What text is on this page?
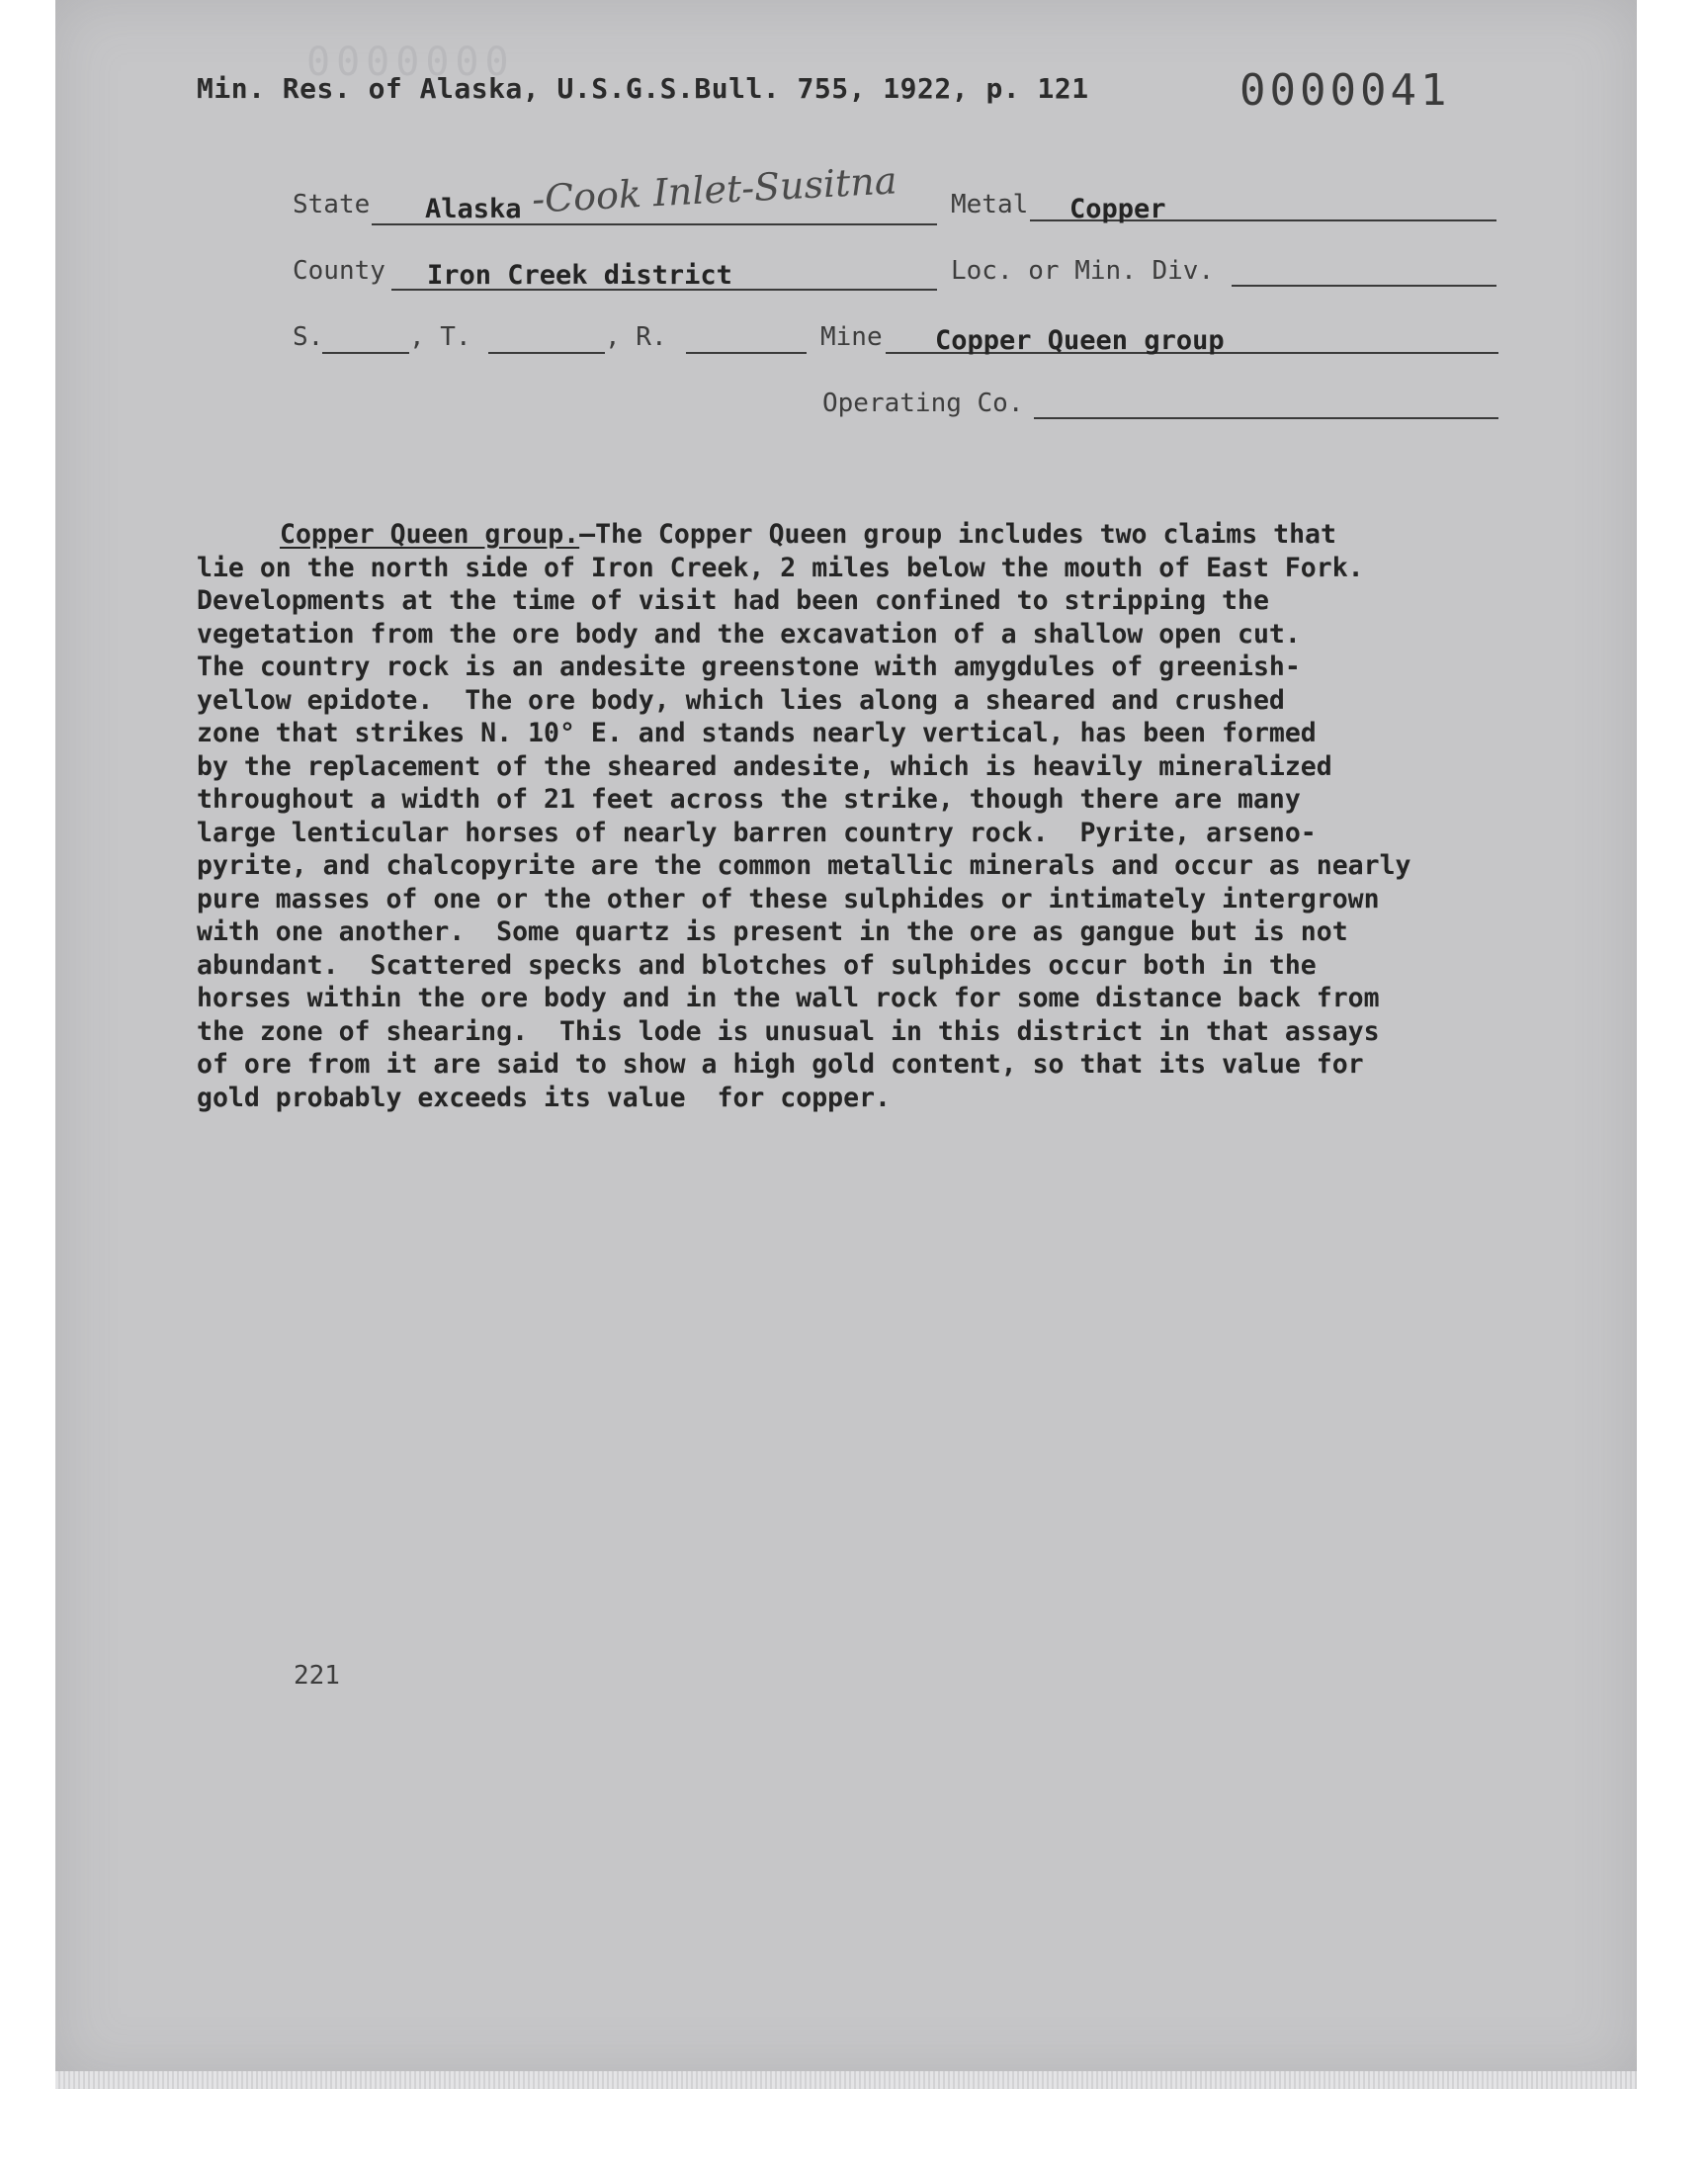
0000000
Min. Res. of Alaska, U.S.G.S.Bull. 755, 1922, p. 121	0000041
State Alaska -Cook Inlet-Susitna Metal Copper
County Iron Creek district	Loc. or Min. Div.
S.	, T.	, R.	Mine Copper Queen group
Operating Co.
Copper Queen group.—The Copper Queen group includes two claims that
lie on the north side of Iron Creek, 2 miles below the mouth of East Fork.
Developments at the time of visit had been confined to stripping the
vegetation from the ore body and the excavation of a shallow open cut.
The country rock is an andesite greenstone with amygdules of greenish-
yellow epidote.  The ore body, which lies along a sheared and crushed
zone that strikes N. 10° E. and stands nearly vertical, has been formed
by the replacement of the sheared andesite, which is heavily mineralized
throughout a width of 21 feet across the strike, though there are many
large lenticular horses of nearly barren country rock.  Pyrite, arseno-
pyrite, and chalcopyrite are the common metallic minerals and occur as nearly
pure masses of one or the other of these sulphides or intimately intergrown
with one another.  Some quartz is present in the ore as gangue but is not
abundant.  Scattered specks and blotches of sulphides occur both in the
horses within the ore body and in the wall rock for some distance back from
the zone of shearing.  This lode is unusual in this district in that assays
of ore from it are said to show a high gold content, so that its value for
gold probably exceeds its value  for copper.
221
